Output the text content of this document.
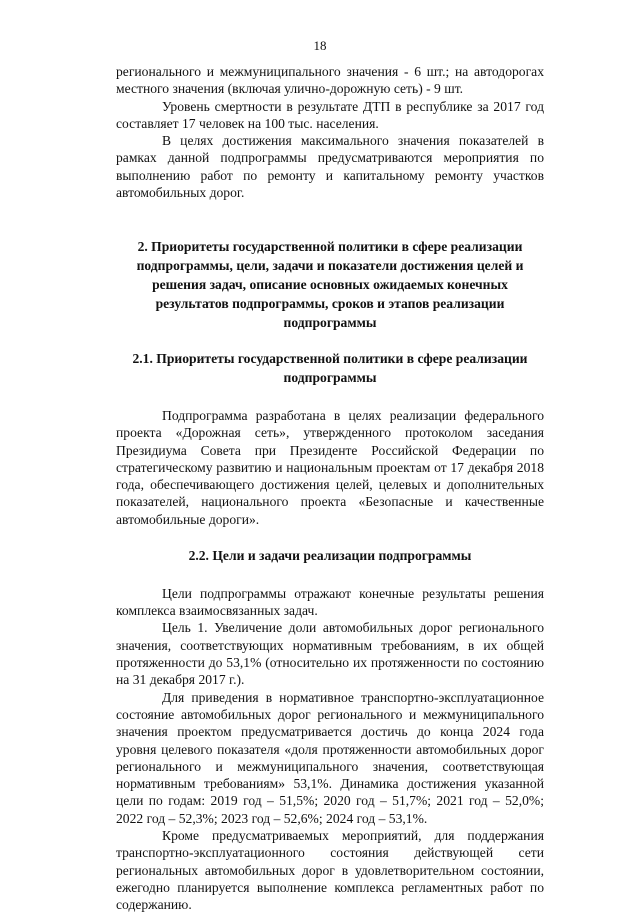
18

регионального и межмуниципального значения - 6 шт.; на автодорогах местного значения (включая улично-дорожную сеть) - 9 шт.

Уровень смертности в результате ДТП в республике за 2017 год составляет 17 человек на 100 тыс. населения.

В целях достижения максимального значения показателей в рамках данной подпрограммы предусматриваются мероприятия по выполнению работ по ремонту и капитальному ремонту участков автомобильных дорог.

2. Приоритеты государственной политики в сфере реализации подпрограммы, цели, задачи и показатели достижения целей и решения задач, описание основных ожидаемых конечных результатов подпрограммы, сроков и этапов реализации подпрограммы

2.1. Приоритеты государственной политики в сфере реализации подпрограммы

Подпрограмма разработана в целях реализации федерального проекта «Дорожная сеть», утвержденного протоколом заседания Президиума Совета при Президенте Российской Федерации по стратегическому развитию и национальным проектам от 17 декабря 2018 года, обеспечивающего достижения целей, целевых и дополнительных показателей, национального проекта «Безопасные и качественные автомобильные дороги».

2.2. Цели и задачи реализации подпрограммы

Цели подпрограммы отражают конечные результаты решения комплекса взаимосвязанных задач.

Цель 1. Увеличение доли автомобильных дорог регионального значения, соответствующих нормативным требованиям, в их общей протяженности до 53,1% (относительно их протяженности по состоянию на 31 декабря 2017 г.).

Для приведения в нормативное транспортно-эксплуатационное состояние автомобильных дорог регионального и межмуниципального значения проектом предусматривается достичь до конца 2024 года уровня целевого показателя «доля протяженности автомобильных дорог регионального и межмуниципального значения, соответствующая нормативным требованиям» 53,1%. Динамика достижения указанной цели по годам: 2019 год – 51,5%; 2020 год – 51,7%; 2021 год – 52,0%; 2022 год – 52,3%; 2023 год – 52,6%; 2024 год – 53,1%.

Кроме предусматриваемых мероприятий, для поддержания транспортно-эксплуатационного состояния действующей сети региональных автомобильных дорог в удовлетворительном состоянии, ежегодно планируется выполнение комплекса регламентных работ по содержанию.
